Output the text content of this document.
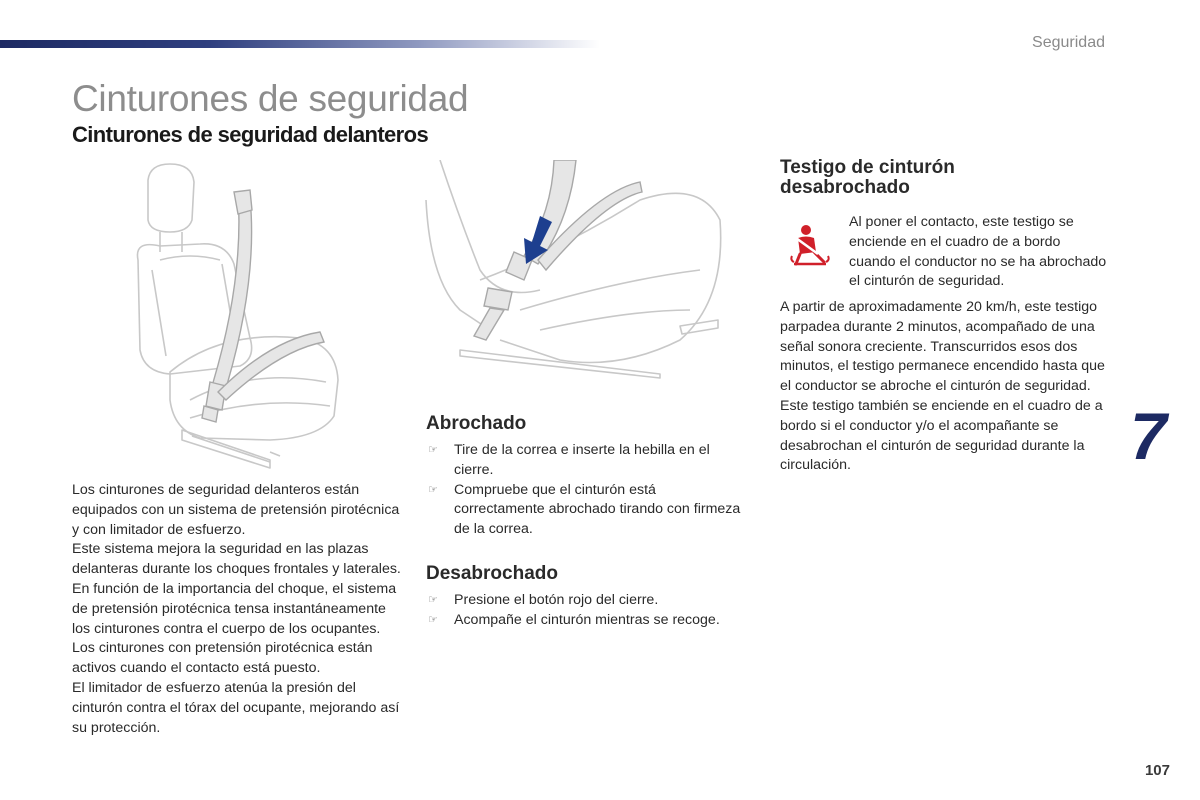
Seguridad
Cinturones de seguridad
Cinturones de seguridad delanteros

Los cinturones de seguridad delanteros están equipados con un sistema de pretensión pirotécnica y con limitador de esfuerzo.

Este sistema mejora la seguridad en las plazas delanteras durante los choques frontales y laterales. En función de la importancia del choque, el sistema de pretensión pirotécnica tensa instantáneamente los cinturones contra el cuerpo de los ocupantes.

Los cinturones con pretensión pirotécnica están activos cuando el contacto está puesto.

El limitador de esfuerzo atenúa la presión del cinturón contra el tórax del ocupante, mejorando así su protección.

Abrochado
☞ Tire de la correa e inserte la hebilla en el cierre.
☞ Compruebe que el cinturón está correctamente abrochado tirando con firmeza de la correa.
Desabrochado
☞ Presione el botón rojo del cierre.
☞ Acompañe el cinturón mientras se recoge.
Testigo de cinturón desabrochado

Al poner el contacto, este testigo se enciende en el cuadro de a bordo cuando el conductor no se ha abrochado el cinturón de seguridad.

A partir de aproximadamente 20 km/h, este testigo parpadea durante 2 minutos, acompañado de una señal sonora creciente. Transcurridos esos dos minutos, el testigo permanece encendido hasta que el conductor se abroche el cinturón de seguridad.
Este testigo también se enciende en el cuadro de a bordo si el conductor y/o el acompañante se desabrochan el cinturón de seguridad durante la circulación.	7
107
